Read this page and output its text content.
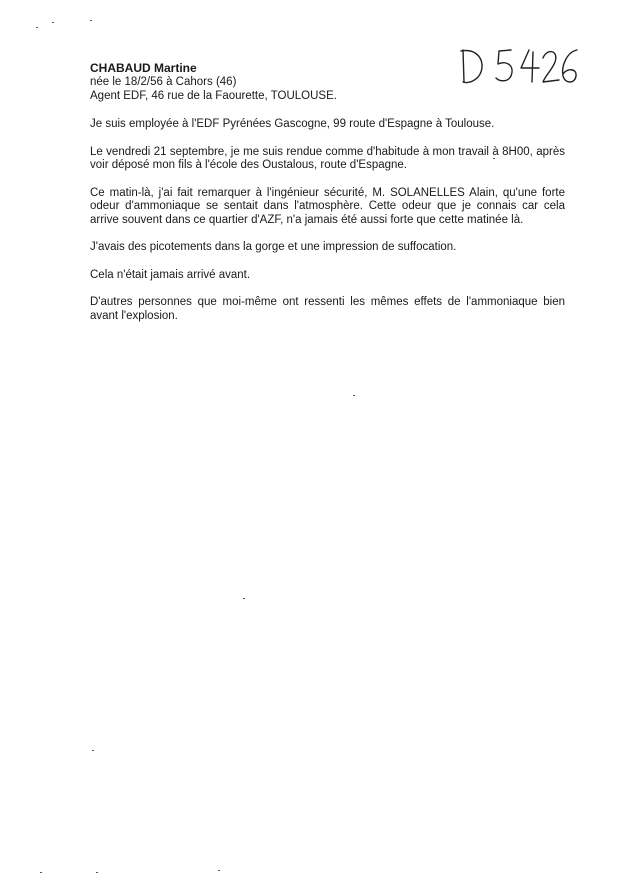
CHABAUD Martine
née le 18/2/56 à Cahors (46)
Agent EDF, 46 rue de la Faourette, TOULOUSE.

Je suis employée à l'EDF Pyrénées Gascogne, 99 route d'Espagne à Toulouse.

Le vendredi 21 septembre, je me suis rendue comme d'habitude à mon travail à 8H00, après voir déposé mon fils à l'école des Oustalous, route d'Espagne.

Ce matin-là, j'ai fait remarquer à l'ingénieur sécurité, M. SOLANELLES Alain, qu'une forte odeur d'ammoniaque se sentait dans l'atmosphère. Cette odeur que je connais car cela arrive souvent dans ce quartier d'AZF, n'a jamais été aussi forte que cette matinée là.

J'avais des picotements dans la gorge et une impression de suffocation.

Cela n'était jamais arrivé avant.

D'autres personnes que moi-même ont ressenti les mêmes effets de l'ammoniaque bien avant l'explosion.
